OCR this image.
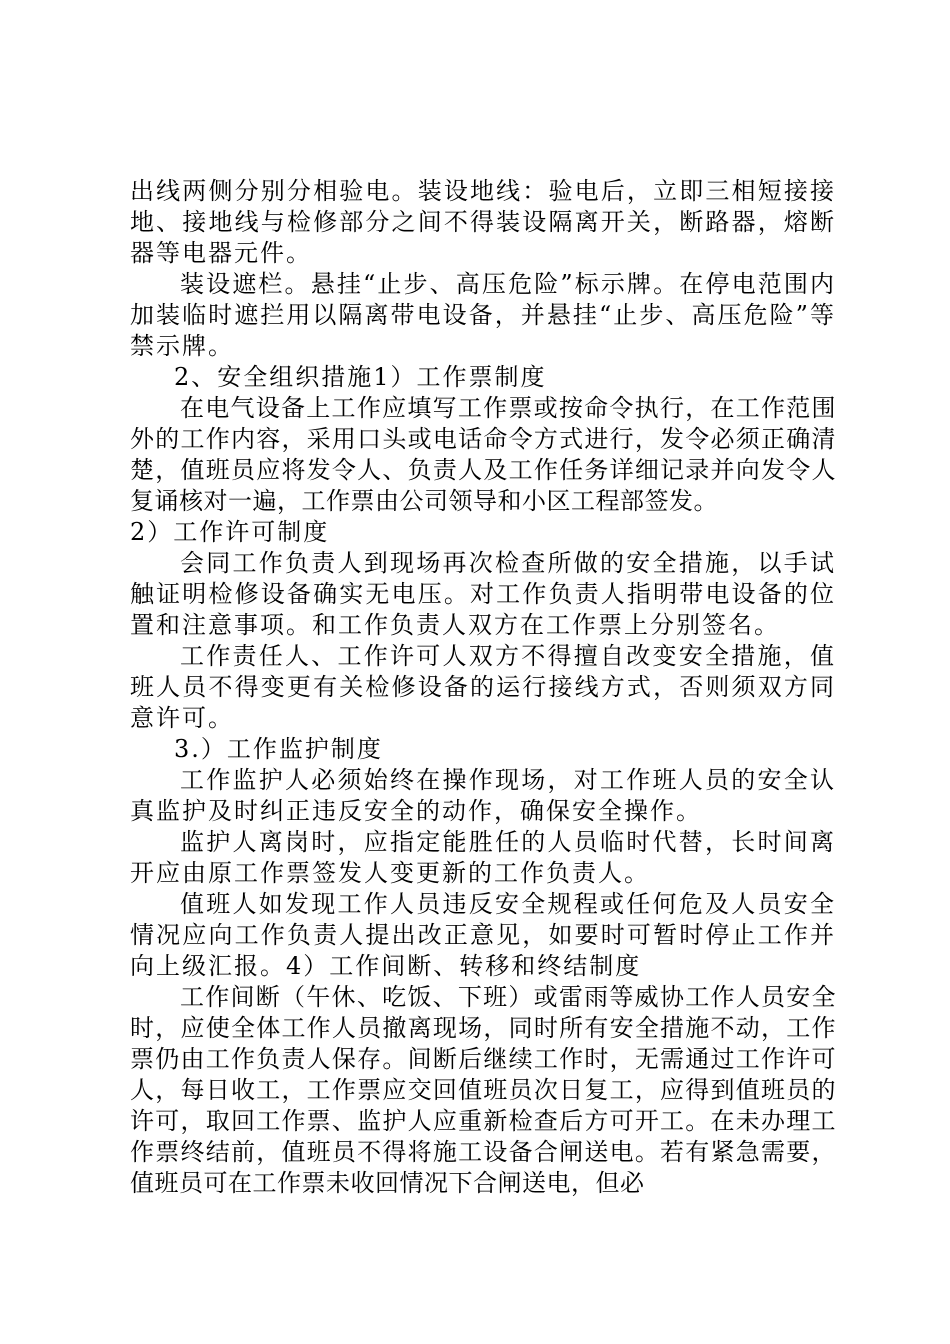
出线两侧分别分相验电。装设地线：验电后，立即三相短接接地、接地线与检修部分之间不得装设隔离开关，断路器，熔断器等电器元件。

装设遮栏。悬挂“止步、高压危险”标示牌。在停电范围内加装临时遮拦用以隔离带电设备，并悬挂“止步、高压危险”等禁示牌。

2、安全组织措施1）工作票制度

在电气设备上工作应填写工作票或按命令执行，在工作范围外的工作内容，采用口头或电话命令方式进行，发令必须正确清楚，值班员应将发令人、负责人及工作任务详细记录并向发令人复诵核对一遍，工作票由公司领导和小区工程部签发。

2）工作许可制度

会同工作负责人到现场再次检查所做的安全措施，以手试触证明检修设备确实无电压。对工作负责人指明带电设备的位置和注意事项。和工作负责人双方在工作票上分别签名。

工作责任人、工作许可人双方不得擅自改变安全措施，值班人员不得变更有关检修设备的运行接线方式，否则须双方同意许可。

3.）工作监护制度

工作监护人必须始终在操作现场，对工作班人员的安全认真监护及时纠正违反安全的动作，确保安全操作。

监护人离岗时，应指定能胜任的人员临时代替，长时间离开应由原工作票签发人变更新的工作负责人。

值班人如发现工作人员违反安全规程或任何危及人员安全情况应向工作负责人提出改正意见，如要时可暂时停止工作并向上级汇报。4）工作间断、转移和终结制度

工作间断（午休、吃饭、下班）或雷雨等威协工作人员安全时，应使全体工作人员撤离现场，同时所有安全措施不动，工作票仍由工作负责人保存。间断后继续工作时，无需通过工作许可人，每日收工，工作票应交回值班员次日复工，应得到值班员的许可，取回工作票、监护人应重新检查后方可开工。在未办理工作票终结前，值班员不得将施工设备合闸送电。若有紧急需要，值班员可在工作票未收回情况下合闸送电，但必
